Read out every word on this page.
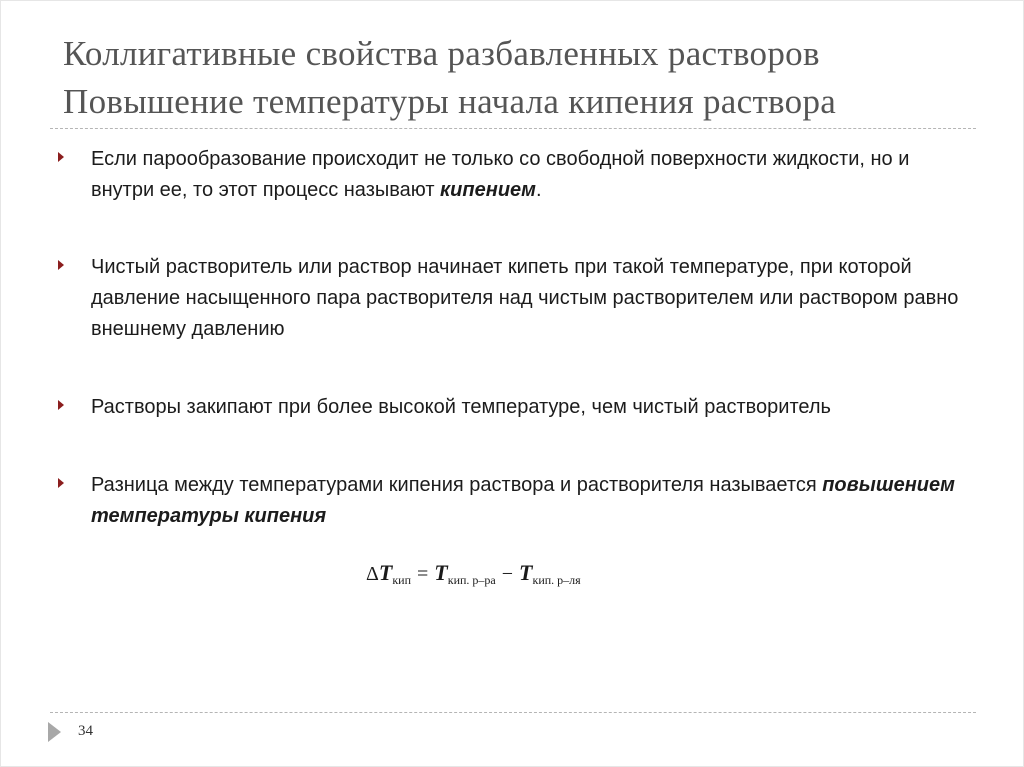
Коллигативные свойства разбавленных растворов
Повышение температуры начала кипения раствора
Если парообразование происходит не только со свободной поверхности жидкости, но и внутри ее, то этот процесс называют кипением.
Чистый растворитель или раствор начинает кипеть при такой температуре, при которой давление насыщенного пара растворителя над чистым растворителем или раствором равно внешнему давлению
Растворы закипают при более высокой температуре, чем чистый растворитель
Разница между температурами кипения раствора и растворителя называется повышением температуры кипения
$\Delta T_{кип} = T_{кип. р-ра} - T_{кип. р-ля}$
34
